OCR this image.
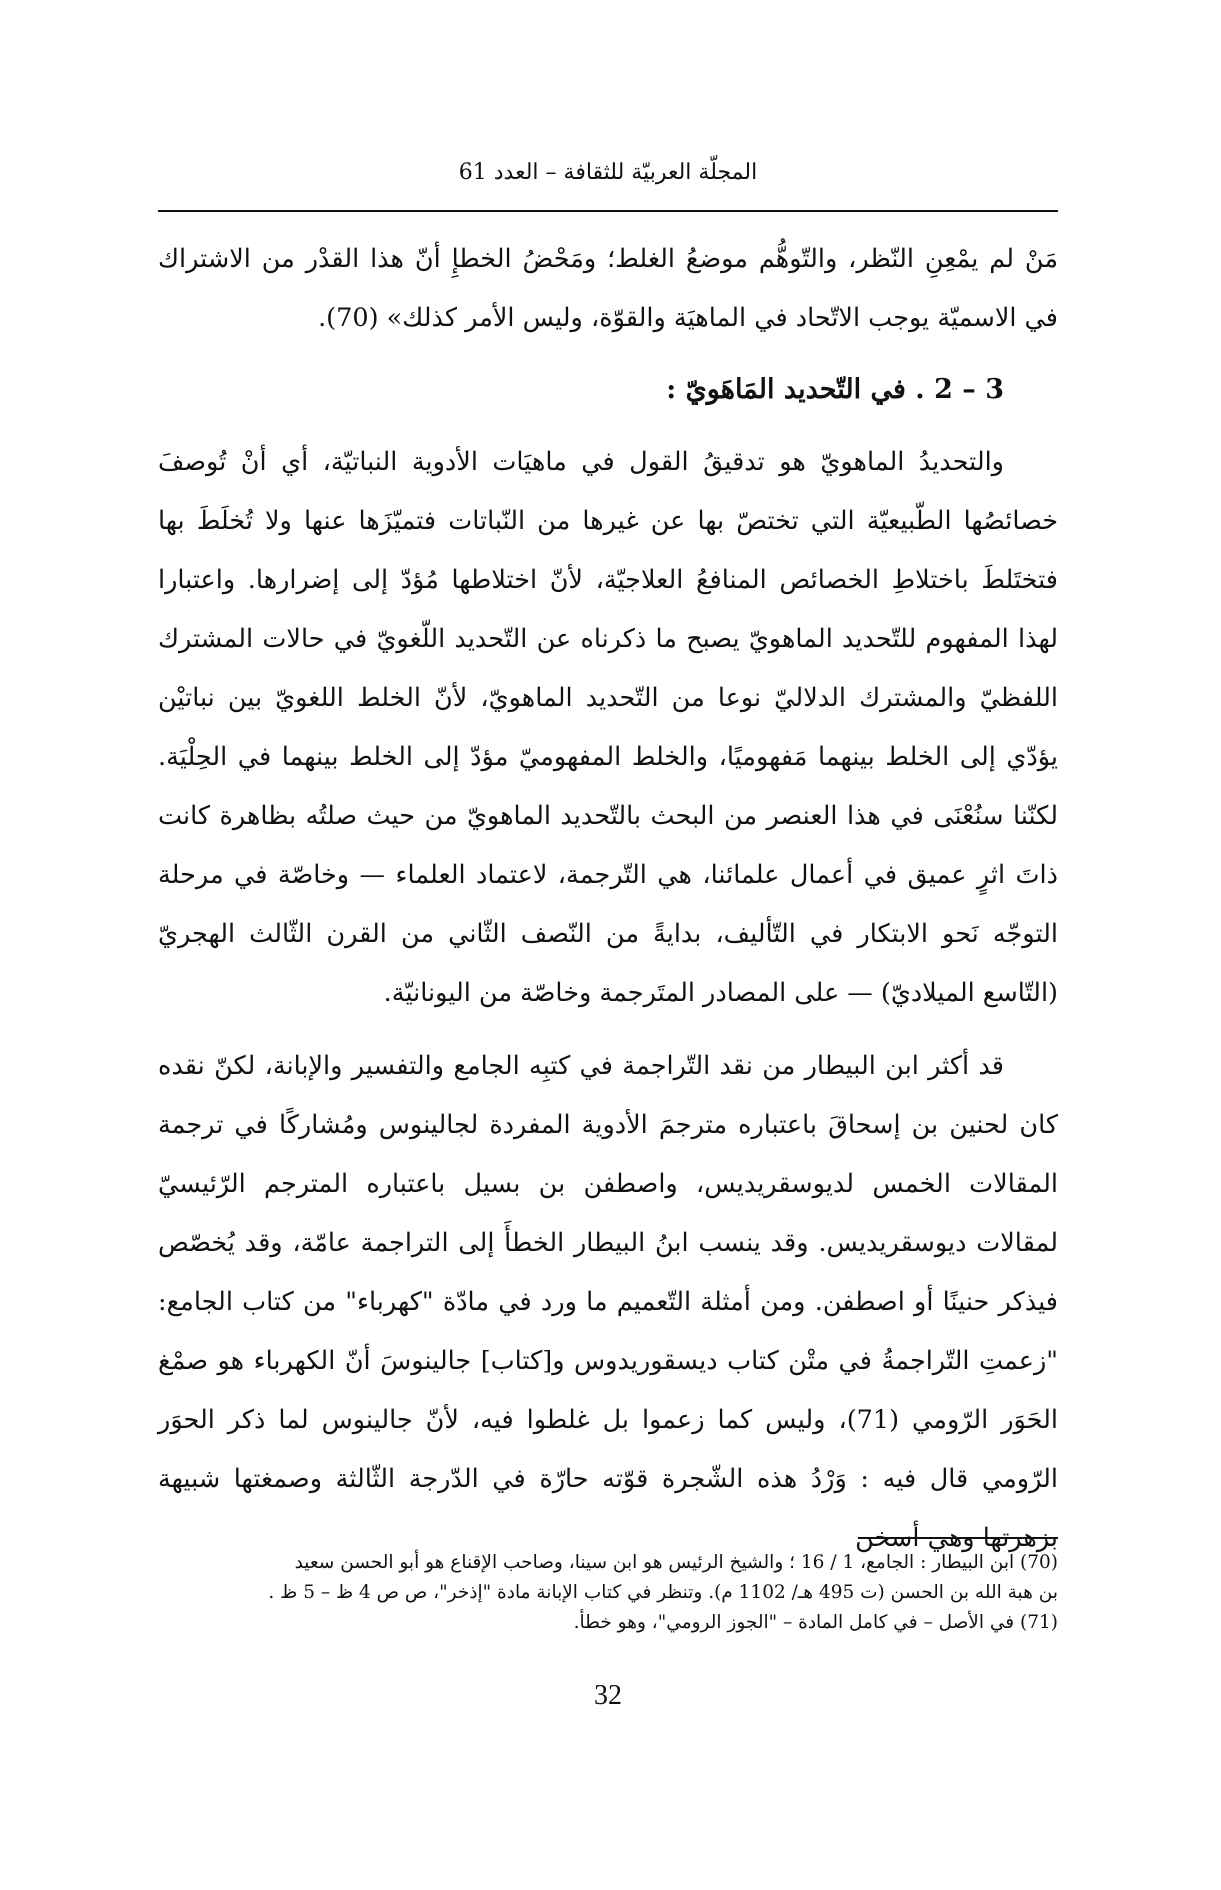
المجلّة العربيّة للثقافة – العدد 61

مَنْ لم يمْعِنِ النّظر، والتّوهُّم موضعُ الغلط؛ ومَحْضُ الخطإِ أنّ هذا القدْر من الاشتراك في الاسميّة يوجب الاتّحاد في الماهيَة والقوّة، وليس الأمر كذلك» (70).

3 – 2 . في التّحديد المَاهَويّ :

والتحديدُ الماهويّ هو تدقيقُ القول في ماهيَات الأدوية النباتيّة، أي أنْ تُوصفَ خصائصُها الطّبيعيّة التي تختصّ بها عن غيرها من النّباتات فتميّزَها عنها ولا تُخلَطَ بها فتختَلطَ باختلاطِ الخصائص المنافعُ العلاجيّة، لأنّ اختلاطها مُؤدّ إلى إضرارها. واعتبارا لهذا المفهوم للتّحديد الماهويّ يصبح ما ذكرناه عن التّحديد اللّغويّ في حالات المشترك اللفظيّ والمشترك الدلاليّ نوعا من التّحديد الماهويّ، لأنّ الخلط اللغويّ بين نباتيْن يؤدّي إلى الخلط بينهما مَفهوميًا، والخلط المفهوميّ مؤدّ إلى الخلط بينهما في الحِلْيَة. لكنّنا سنُعْنَى في هذا العنصر من البحث بالتّحديد الماهويّ من حيث صلتُه بظاهرة كانت ذاتَ اثرٍ عميق في أعمال علمائنا، هي التّرجمة، لاعتماد العلماء — وخاصّة في مرحلة التوجّه نَحو الابتكار في التّأليف، بدايةً من النّصف الثّاني من القرن الثّالث الهجريّ (التّاسع الميلاديّ) — على المصادر المتَرجمة وخاصّة من اليونانيّة.

قد أكثر ابن البيطار من نقد التّراجمة في كتبِه الجامع والتفسير والإبانة، لكنّ نقده كان لحنين بن إسحاقَ باعتباره مترجمَ الأدوية المفردة لجالينوس ومُشاركًا في ترجمة المقالات الخمس لديوسقريديس، واصطفن بن بسيل باعتباره المترجم الرّئيسيّ لمقالات ديوسقريديس. وقد ينسب ابنُ البيطار الخطأَ إلى التراجمة عامّة، وقد يُخصّص فيذكر حنينًا أو اصطفن. ومن أمثلة التّعميم ما ورد في مادّة "كهرباء" من كتاب الجامع: "زعمتِ التّراجمةُ في متْن كتاب ديسقوريدوس و[كتاب] جالينوسَ أنّ الكهرباء هو صمْغ الحَوَر الرّومي (71)، وليس كما زعموا بل غلطوا فيه، لأنّ جالينوس لما ذكر الحوَر الرّومي قال فيه : وَرْدُ هذه الشّجرة قوّته حارّة في الدّرجة الثّالثة وصمغتها شبيهة بزهرتها وهي أسخن

(70) ابن البيطار : الجامع، 1 / 16 ؛ والشيخ الرئيس هو ابن سينا، وصاحب الإقناع هو أبو الحسن سعيد

بن هبة الله بن الحسن (ت 495 هـ/ 1102 م). وتنظر في كتاب الإبانة مادة "إذخر"، ص ص 4 ظ – 5 ظ .

(71) في الأصل – في كامل المادة – "الجوز الرومي"، وهو خطأ.

32
